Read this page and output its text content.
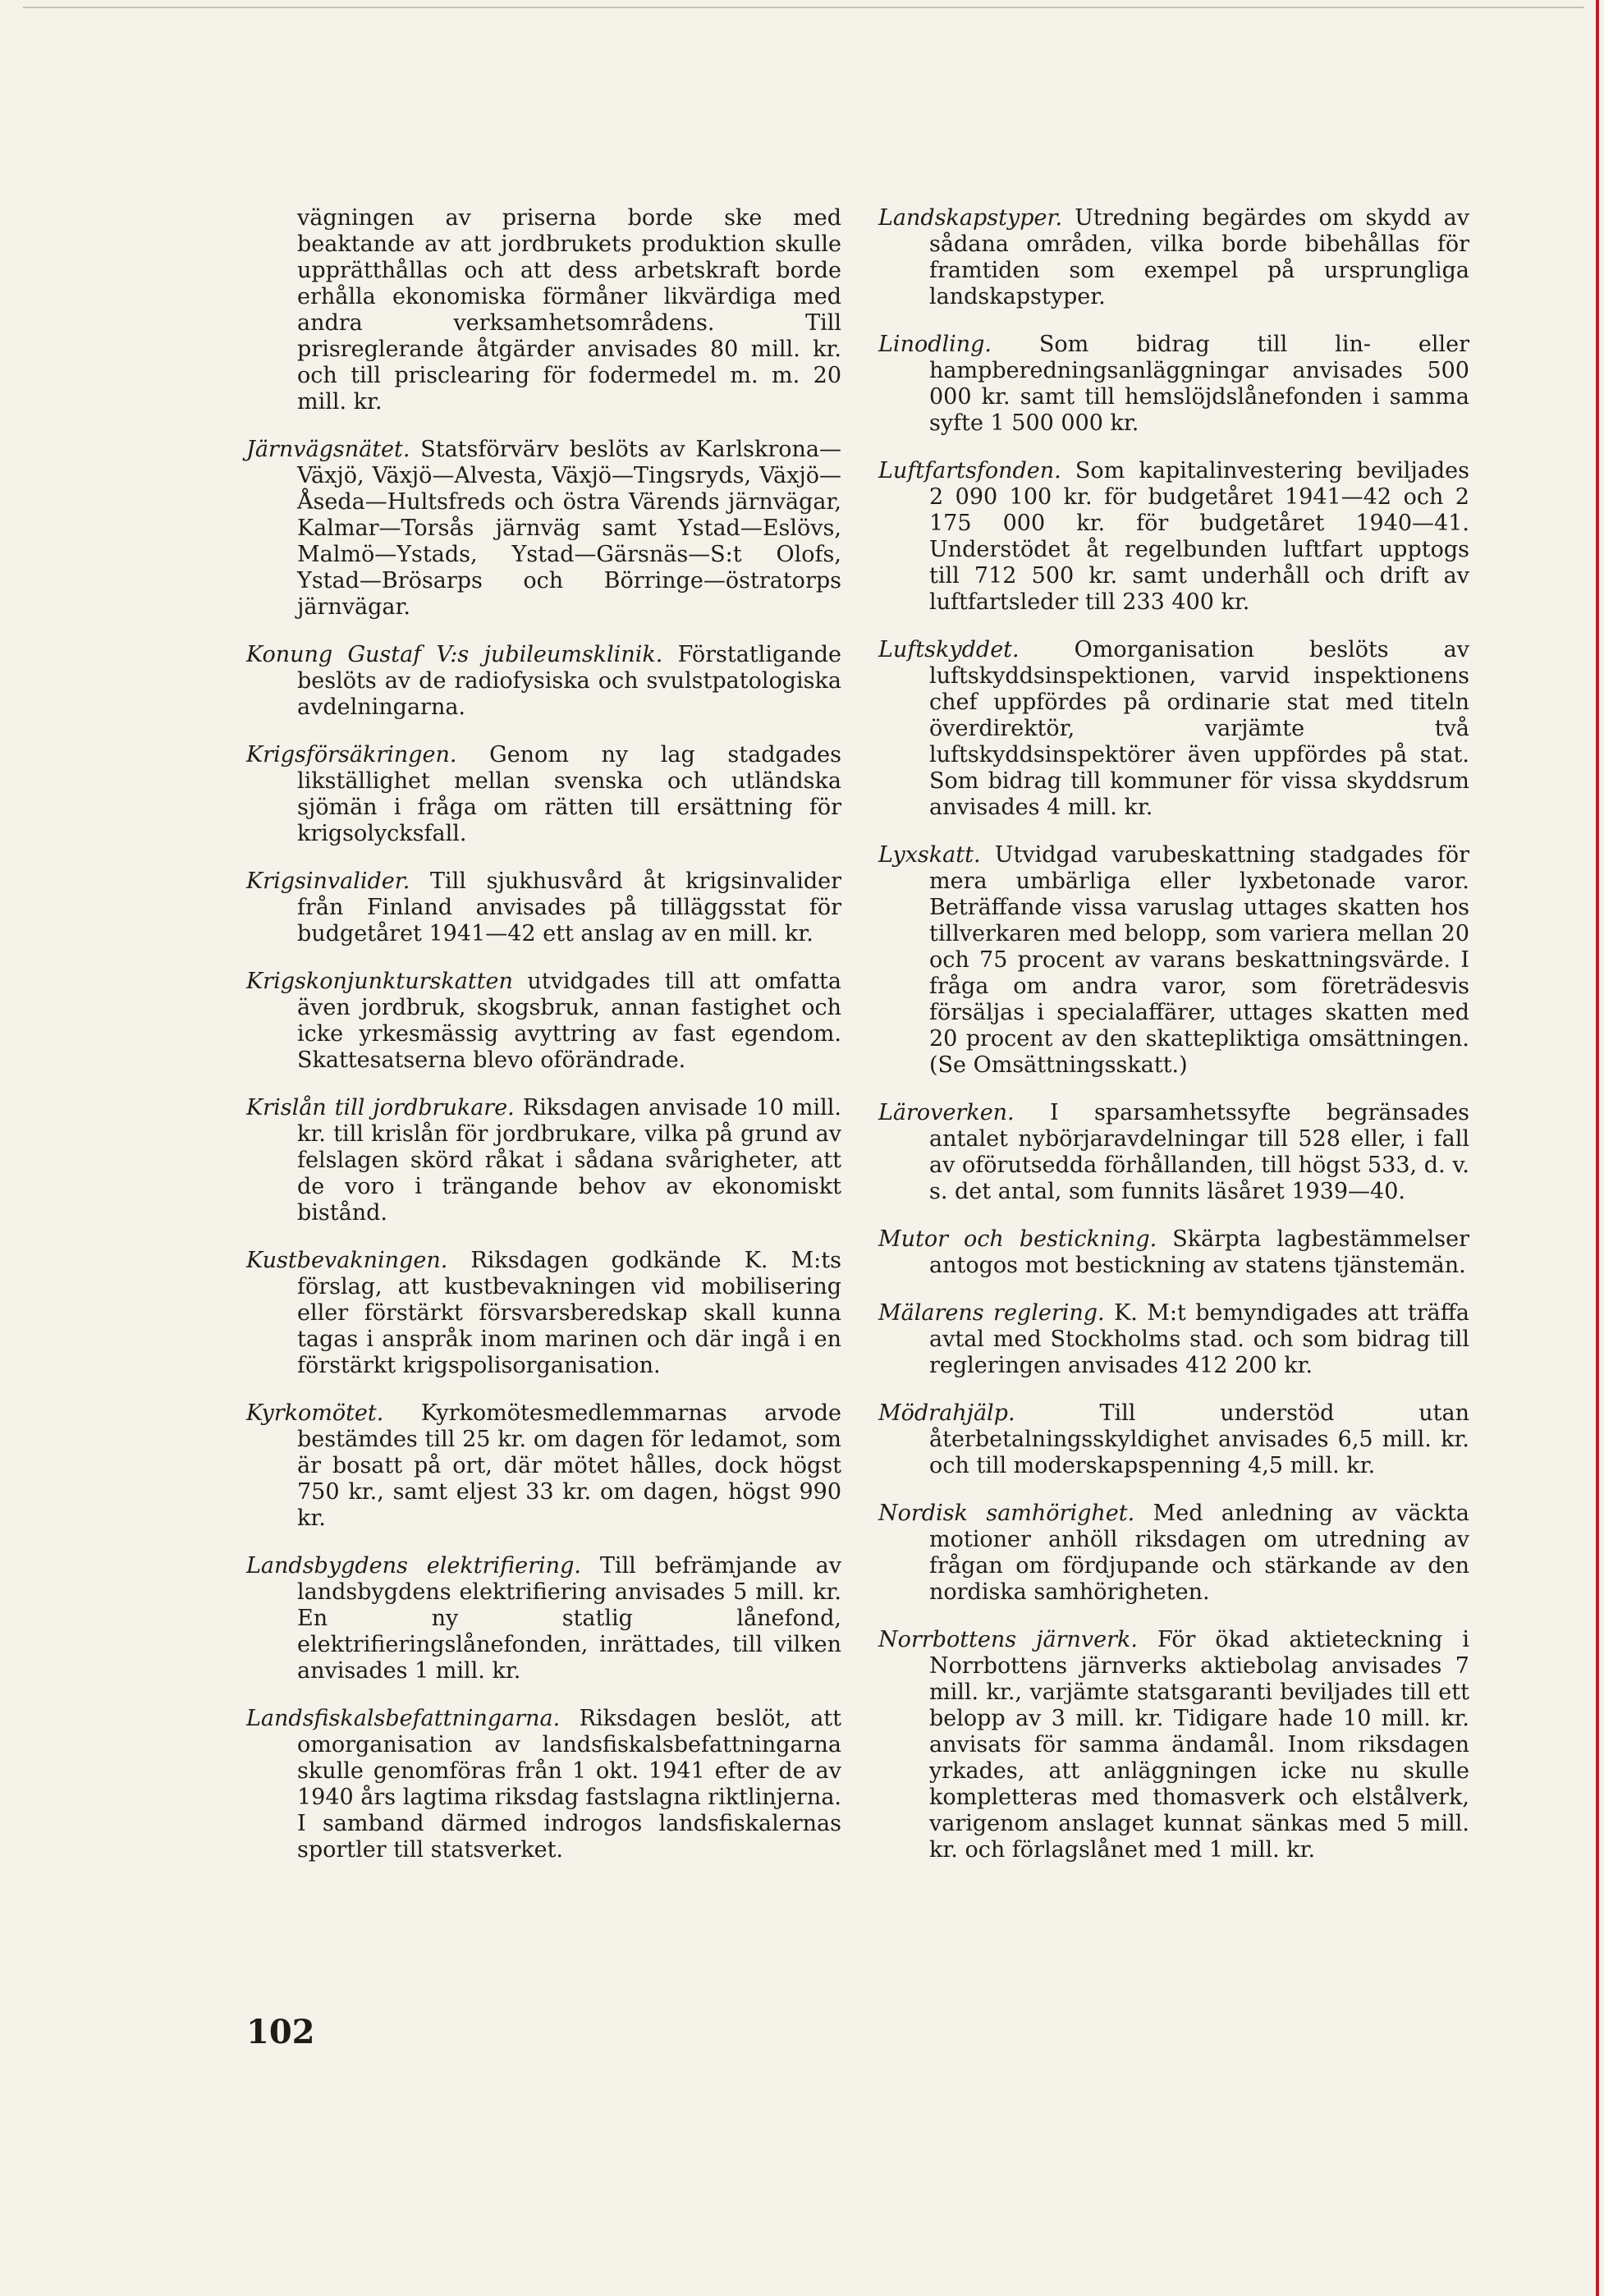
vägningen av priserna borde ske med beaktande av att jordbrukets produktion skulle upprätthållas och att dess arbetskraft borde erhålla ekonomiska förmåner likvärdiga med andra verksamhetsområdens. Till prisreglerande åtgärder anvisades 80 mill. kr. och till prisclearing för fodermedel m. m. 20 mill. kr.

Järnvägsnätet. Statsförvärv beslöts av Karlskrona—Växjö, Växjö—Alvesta, Växjö—Tingsryds, Växjö—Åseda—Hultsfreds och östra Värends järnvägar, Kalmar—Torsås järnväg samt Ystad—Eslövs, Malmö—Ystads, Ystad—Gärsnäs—S:t Olofs, Ystad—Brösarps och Börringe—östratorps järnvägar.

Konung Gustaf V:s jubileumsklinik. Förstatligande beslöts av de radiofysiska och svulstpatologiska avdelningarna.

Krigsförsäkringen. Genom ny lag stadgades likställighet mellan svenska och utländska sjömän i fråga om rätten till ersättning för krigsolycksfall.

Krigsinvalider. Till sjukhusvård åt krigsinvalider från Finland anvisades på tilläggsstat för budgetåret 1941—42 ett anslag av en mill. kr.

Krigskonjunkturskatten utvidgades till att omfatta även jordbruk, skogsbruk, annan fastighet och icke yrkesmässig avyttring av fast egendom. Skattesatserna blevo oförändrade.

Krislån till jordbrukare. Riksdagen anvisade 10 mill. kr. till krislån för jordbrukare, vilka på grund av felslagen skörd råkat i sådana svårigheter, att de voro i trängande behov av ekonomiskt bistånd.

Kustbevakningen. Riksdagen godkände K. M:ts förslag, att kustbevakningen vid mobilisering eller förstärkt försvarsberedskap skall kunna tagas i anspråk inom marinen och där ingå i en förstärkt krigspolisorganisation.

Kyrkomötet. Kyrkomötesmedlemmarnas arvode bestämdes till 25 kr. om dagen för ledamot, som är bosatt på ort, där mötet hålles, dock högst 750 kr., samt eljest 33 kr. om dagen, högst 990 kr.

Landsbygdens elektrifiering. Till befrämjande av landsbygdens elektrifiering anvisades 5 mill. kr. En ny statlig lånefond, elektrifieringslånefonden, inrättades, till vilken anvisades 1 mill. kr.

Landsfiskalsbefattningarna. Riksdagen beslöt, att omorganisation av landsfiskalsbefattningarna skulle genomföras från 1 okt. 1941 efter de av 1940 års lagtima riksdag fastslagna riktlinjerna. I samband därmed indrogos landsfiskalernas sportler till statsverket.

Landskapstyper. Utredning begärdes om skydd av sådana områden, vilka borde bibehållas för framtiden som exempel på ursprungliga landskapstyper.

Linodling. Som bidrag till lin- eller hampberedningsanläggningar anvisades 500 000 kr. samt till hemslöjdslånefonden i samma syfte 1 500 000 kr.

Luftfartsfonden. Som kapitalinvestering beviljades 2 090 100 kr. för budgetåret 1941—42 och 2 175 000 kr. för budgetåret 1940—41. Understödet åt regelbunden luftfart upptogs till 712 500 kr. samt underhåll och drift av luftfartsleder till 233 400 kr.

Luftskyddet. Omorganisation beslöts av luftskyddsinspektionen, varvid inspektionens chef uppfördes på ordinarie stat med titeln överdirektör, varjämte två luftskyddsinspektörer även uppfördes på stat. Som bidrag till kommuner för vissa skyddsrum anvisades 4 mill. kr.

Lyxskatt. Utvidgad varubeskattning stadgades för mera umbärliga eller lyxbetonade varor. Beträffande vissa varuslag uttages skatten hos tillverkaren med belopp, som variera mellan 20 och 75 procent av varans beskattningsvärde. I fråga om andra varor, som företrädesvis försäljas i specialaffärer, uttages skatten med 20 procent av den skattepliktiga omsättningen. (Se Omsättningsskatt.)

Läroverken. I sparsamhetssyfte begränsades antalet nybörjaravdelningar till 528 eller, i fall av oförutsedda förhållanden, till högst 533, d. v. s. det antal, som funnits läsåret 1939—40.

Mutor och bestickning. Skärpta lagbestämmelser antogos mot bestickning av statens tjänstemän.

Mälarens reglering. K. M:t bemyndigades att träffa avtal med Stockholms stad. och som bidrag till regleringen anvisades 412 200 kr.

Mödrahjälp.	Till understöd utan återbetalningsskyldighet anvisades 6,5 mill. kr. och till moderskapspenning 4,5 mill. kr.

Nordisk samhörighet. Med anledning av väckta motioner anhöll riksdagen om utredning av frågan om fördjupande och stärkande av den nordiska samhörigheten.

Norrbottens järnverk. För ökad aktieteckning i Norrbottens järnverks aktiebolag anvisades 7 mill. kr., varjämte statsgaranti beviljades till ett belopp av 3 mill. kr. Tidigare hade 10 mill. kr. anvisats för samma ändamål. Inom riksdagen yrkades, att anläggningen icke nu skulle kompletteras med thomasverk och elstålverk, varigenom anslaget kunnat sänkas med 5 mill. kr. och förlagslånet med 1 mill. kr.

102
